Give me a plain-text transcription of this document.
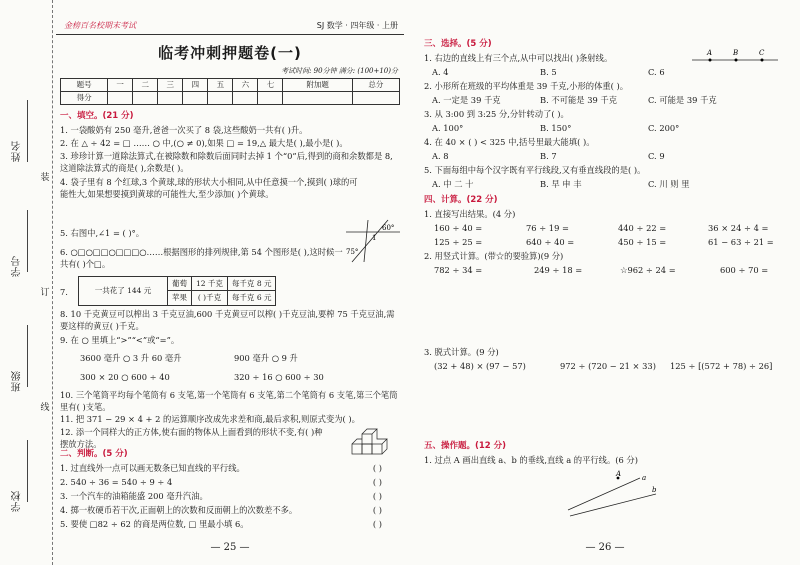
姓名
学号
班级
学校
装
订
线
金榜百名校期末考试	SJ 数学 · 四年级 · 上册
临考冲刺押题卷(一)
考试时间: 90分钟 满分: (100+10)分
题号	一	二	三	四	五	六	七	附加题	总分
得分									
一、填空。(21 分)
1. 一袋酸奶有 250 毫升,爸爸一次买了 8 袋,这些酸奶一共有( )升。
2. 在 △ ÷ 42 = □ …… ○ 中,(○ ≠ 0),如果 □ = 19,△ 最大是( ),最小是( )。
3. 珍珍计算一道除法算式,在被除数和除数后面同时去掉 1 个“0”后,得到的商和余数都是 8,这道除法算式的商是( ),余数是( )。
4. 袋子里有 8 个红球,3 个黄球,球的形状大小相同,从中任意摸一个,摸到( )球的可能性大,如果想要摸到黄球的可能性大,至少添加( )个黄球。
5. 右图中,∠1 = ( )°。	60°
75°
1
6. ○□○□□○□□□○……根据图形的排列规律,第 54 个图形是( ),这时候一共有( )个□。
7.	一共花了 144 元	葡萄	12 千克	每千克 8 元
	苹果	( )千克	每千克 6 元
8. 10 千克黄豆可以榨出 3 千克豆油,600 千克黄豆可以榨( )千克豆油,要榨 75 千克豆油,需要这样的黄豆( )千克。
9. 在 ○ 里填上“>”“<”或“=”。
3600 毫升 ○ 3 升 60 毫升	900 毫升 ○ 9 升
300 × 20 ○ 600 ÷ 40	320 ÷ 16 ○ 600 ÷ 30
10. 三个笔筒平均每个笔筒有 6 支笔,第一个笔筒有 6 支笔,第二个笔筒有 6 支笔,第三个笔筒里有( )支笔。
11. 把 371 − 29 × 4 + 2 的运算顺序改成先求差和商,最后求积,则原式变为( )。
12. 添一个同样大的正方体,使右面的物体从上面看到的形状不变,有( )种摆放方法。
二、判断。(5 分)
1. 过直线外一点可以画无数条已知直线的平行线。
2. 540 ÷ 36 = 540 ÷ 9 ÷ 4
3. 一个汽车的油箱能盛 200 毫升汽油。
4. 掷一枚硬币若干次,正面朝上的次数和反面朝上的次数差不多。
5. 要使 □82 ÷ 62 的商是两位数, □ 里最小填 6。
( )
( )
( )
( )
( )
— 25 —
三、选择。(5 分)
A	B	C
1. 右边的直线上有三个点,从中可以找出( )条射线。
A. 4	B. 5	C. 6
2. 小形所在班级的平均体重是 39 千克,小形的体重( )。
A. 一定是 39 千克	B. 不可能是 39 千克	C. 可能是 39 千克
3. 从 3:00 到 3:25 分,分针转动了( )。
A. 100°	B. 150°	C. 200°
4. 在 40 × ( ) < 325 中,括号里最大能填( )。
A. 8	B. 7	C. 9
5. 下面每组中每个汉字既有平行线段,又有垂直线段的是( )。
A. 中 二 十	B. 早 申 丰	C. 川 则 里
四、计算。(22 分)
1. 直接写出结果。(4 分)
160 ÷ 40 =	76 ÷ 19 =	440 ÷ 22 =	36 × 24 ÷ 4 =
125 ÷ 25 =	640 ÷ 40 =	450 ÷ 15 =	61 − 63 ÷ 21 =
2. 用竖式计算。(带☆的要验算)(9 分)
782 ÷ 34 =	249 ÷ 18 =	☆962 ÷ 24 =	600 ÷ 70 =
3. 脱式计算。(9 分)
(32 + 48) × (97 − 57)	972 ÷ (720 − 21 × 33) 125 ÷ [(572 + 78) ÷ 26]
五、操作题。(12 分)
1. 过点 A 画出直线 a、b 的垂线,直线 a 的平行线。(6 分)
A	a
b
— 26 —
